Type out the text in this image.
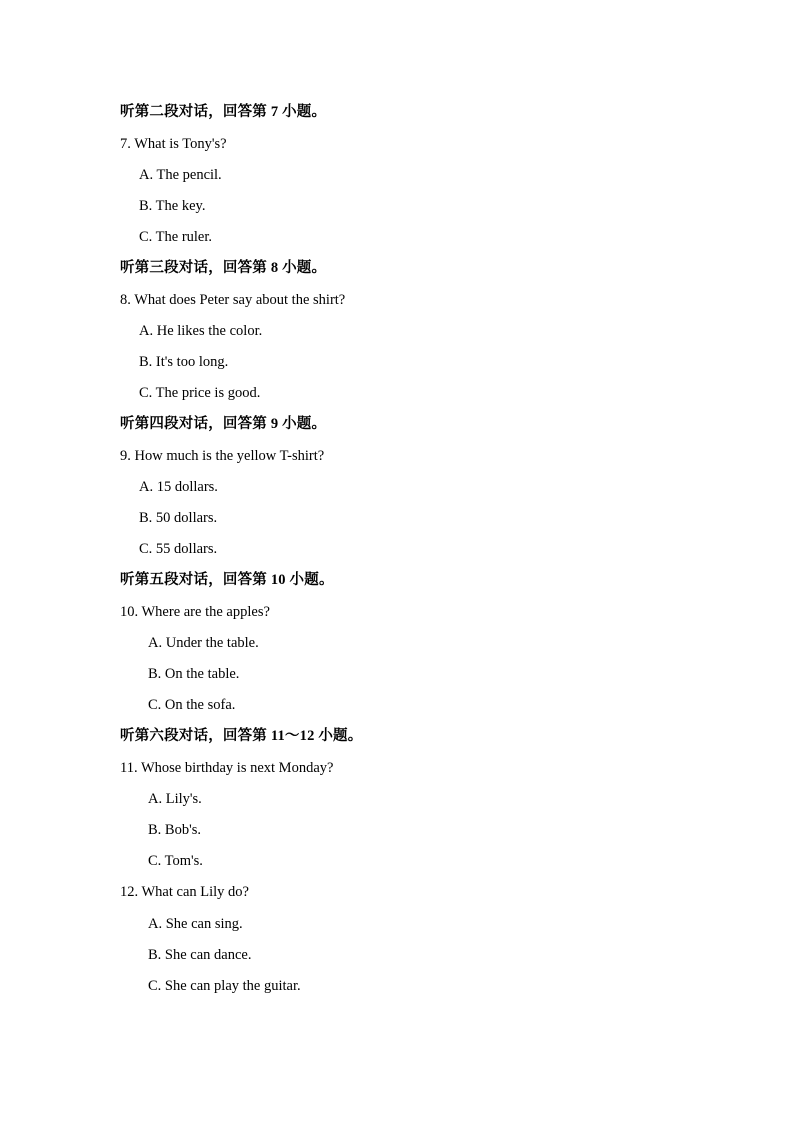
听第二段对话，回答第 7 小题。
7. What is Tony's?
A. The pencil.
B. The key.
C. The ruler.
听第三段对话，回答第 8 小题。
8. What does Peter say about the shirt?
A. He likes the color.
B. It's too long.
C. The price is good.
听第四段对话，回答第 9 小题。
9. How much is the yellow T-shirt?
A. 15 dollars.
B. 50 dollars.
C. 55 dollars.
听第五段对话，回答第 10 小题。
10. Where are the apples?
A. Under the table.
B. On the table.
C. On the sofa.
听第六段对话，回答第 11～12 小题。
11. Whose birthday is next Monday?
A. Lily's.
B. Bob's.
C. Tom's.
12. What can Lily do?
A. She can sing.
B. She can dance.
C. She can play the guitar.
